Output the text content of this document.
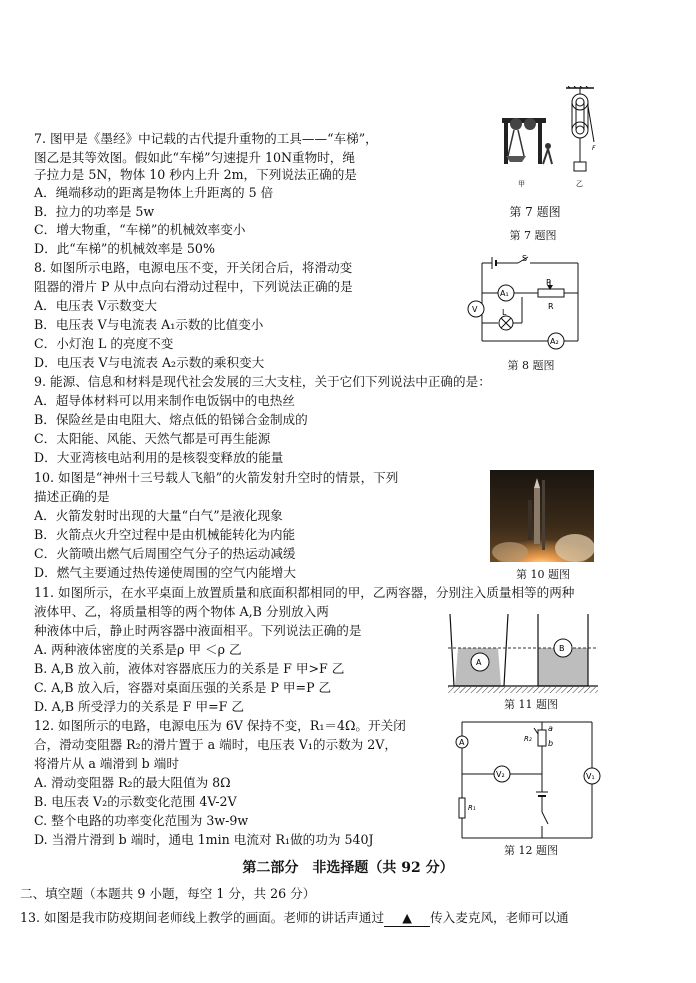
7. 图甲是《墨经》中记载的古代提升重物的工具——“车梯”，
图乙是其等效图。假如此“车梯”匀速提升 10N重物时，绳
子拉力是 5N，物体 10 秒内上升 2m，下列说法正确的是
A．绳端移动的距离是物体上升距离的 5 倍
B．拉力的功率是 5w
C．增大物重，“车梯”的机械效率变小
D．此“车梯”的机械效率是 50%
甲
F
乙
第 7 题图
第 7 题图
8. 如图所示电路，电源电压不变，开关闭合后，将滑动变
阻器的滑片 P 从中点向右滑动过程中，下列说法正确的是
A．电压表 V示数变大
B．电压表 V与电流表 A₁示数的比值变小
C．小灯泡 L 的亮度不变
D．电压表 V与电流表 A₂示数的乘积变大
S
A₁
P
R
V	L
A₂
第 8 题图
9. 能源、信息和材料是现代社会发展的三大支柱，关于它们下列说法中正确的是：
A．超导体材料可以用来制作电饭锅中的电热丝
B．保险丝是由电阻大、熔点低的铅锑合金制成的
C．太阳能、风能、天然气都是可再生能源
D．大亚湾核电站利用的是核裂变释放的能量
10. 如图是“神州十三号载人飞船”的火箭发射升空时的情景，下列
描述正确的是
A．火箭发射时出现的大量“白气”是液化现象
B．火箭点火升空过程中是由机械能转化为内能
C．火箭喷出燃气后周围空气分子的热运动减缓
D．燃气主要通过热传递使周围的空气内能增大	第 10 题图
11. 如图所示，在水平桌面上放置质量和底面积都相同的甲，乙两容器，分别注入质量相等的两种
液体甲、乙，将质量相等的两个物体 A,B 分别放入两
种液体中后，静止时两容器中液面相平。下列说法正确的是
A. 两种液体密度的关系是ρ 甲 ＜ρ 乙
B. A,B 放入前，液体对容器底压力的关系是 F 甲>F 乙
C. A,B 放入后，容器对桌面压强的关系是 P 甲=P 乙
D. A,B 所受浮力的关系是 F 甲=F 乙
A
B
第 11 题图
12. 如图所示的电路，电源电压为 6V 保持不变，R₁＝4Ω。开关闭
合，滑动变阻器 R₂的滑片置于 a 端时，电压表 V₁的示数为 2V，
将滑片从 a 端滑到 b 端时
A. 滑动变阻器 R₂的最大阻值为 8Ω
B. 电压表 V₂的示数变化范围 4V-2V
C. 整个电路的功率变化范围为 3w-9w
D. 当滑片滑到 b 端时，通电 1min 电流对 R₁做的功为 540J
A
a
R₂ b
V₂	V₁
R₁
第 12 题图
第二部分　非选择题（共 92 分）
二、填空题（本题共 9 小题，每空 1 分，共 26 分）
13. 如图是我市防疫期间老师线上教学的画面。老师的讲话声通过 ▲ 传入麦克风，老师可以通
